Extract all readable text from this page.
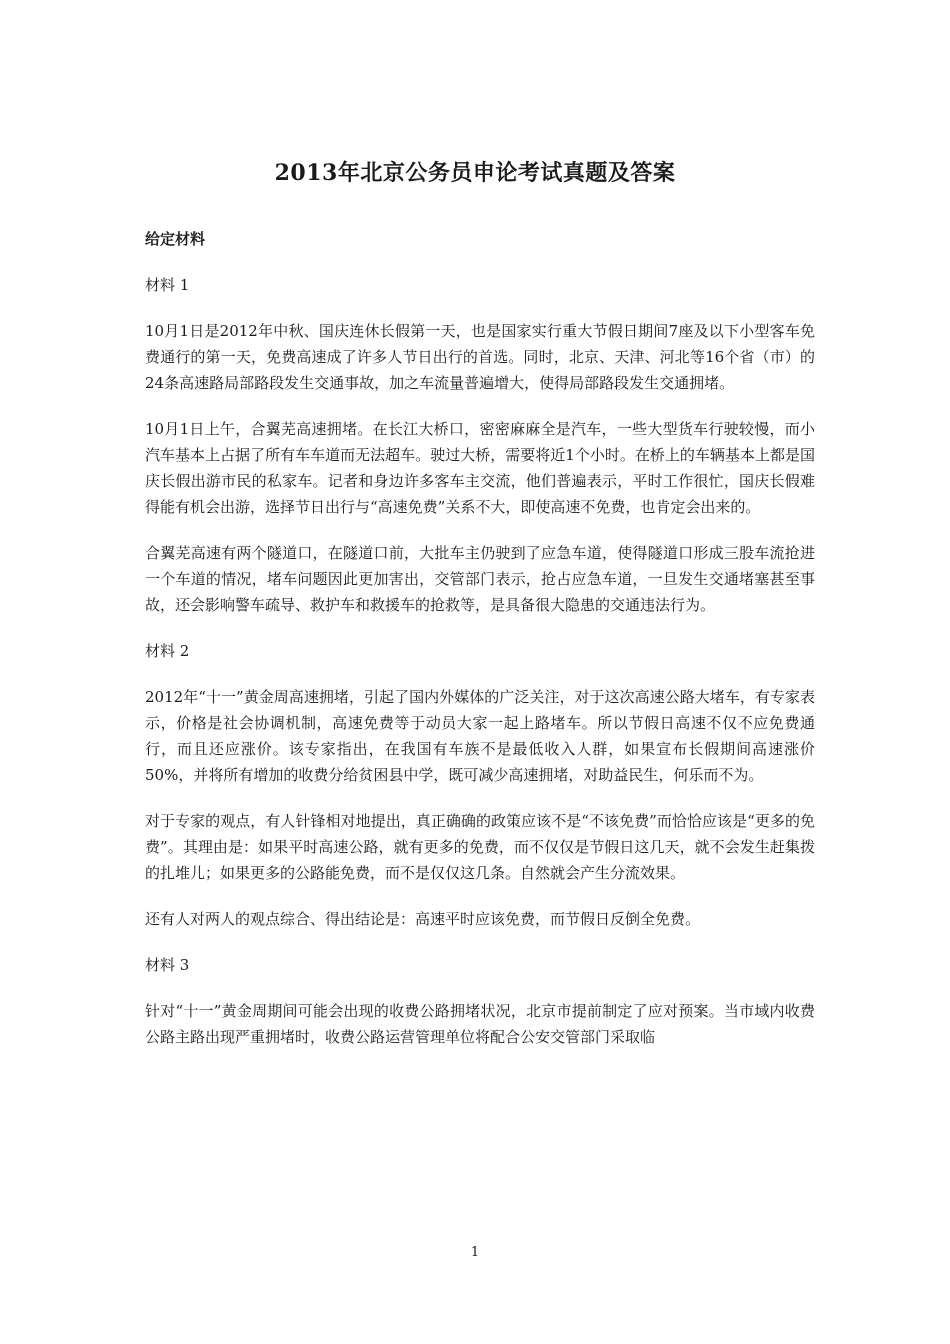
2013年北京公务员申论考试真题及答案

给定材料

材料 1

10月1日是2012年中秋、国庆连休长假第一天，也是国家实行重大节假日期间7座及以下小型客车免费通行的第一天，免费高速成了许多人节日出行的首选。同时，北京、天津、河北等16个省（市）的24条高速路局部路段发生交通事故，加之车流量普遍增大，使得局部路段发生交通拥堵。

10月1日上午，合翼芜高速拥堵。在长江大桥口，密密麻麻全是汽车，一些大型货车行驶较慢，而小汽车基本上占据了所有车车道而无法超车。驶过大桥，需要将近1个小时。在桥上的车辆基本上都是国庆长假出游市民的私家车。记者和身边许多客车主交流，他们普遍表示，平时工作很忙，国庆长假难得能有机会出游，选择节日出行与“高速免费”关系不大，即使高速不免费，也肯定会出来的。

合翼芜高速有两个隧道口，在隧道口前，大批车主仍驶到了应急车道，使得隧道口形成三股车流抢进一个车道的情况，堵车问题因此更加害出，交管部门表示，抢占应急车道，一旦发生交通堵塞甚至事故，还会影响警车疏导、救护车和救援车的抢救等，是具备很大隐患的交通违法行为。

材料 2

2012年“十一”黄金周高速拥堵，引起了国内外媒体的广泛关注，对于这次高速公路大堵车，有专家表示，价格是社会协调机制，高速免费等于动员大家一起上路堵车。所以节假日高速不仅不应免费通行，而且还应涨价。该专家指出，在我国有车族不是最低收入人群，如果宣布长假期间高速涨价50%，并将所有增加的收费分给贫困县中学，既可减少高速拥堵，对助益民生，何乐而不为。

对于专家的观点，有人针锋相对地提出，真正确确的政策应该不是“不该免费”而恰恰应该是“更多的免费”。其理由是：如果平时高速公路，就有更多的免费，而不仅仅是节假日这几天，就不会发生赶集拨的扎堆儿；如果更多的公路能免费，而不是仅仅这几条。自然就会产生分流效果。

还有人对两人的观点综合、得出结论是：高速平时应该免费，而节假日反倒全免费。

材料 3

针对“十一”黄金周期间可能会出现的收费公路拥堵状况，北京市提前制定了应对预案。当市域内收费公路主路出现严重拥堵时，收费公路运营管理单位将配合公安交管部门采取临

1
